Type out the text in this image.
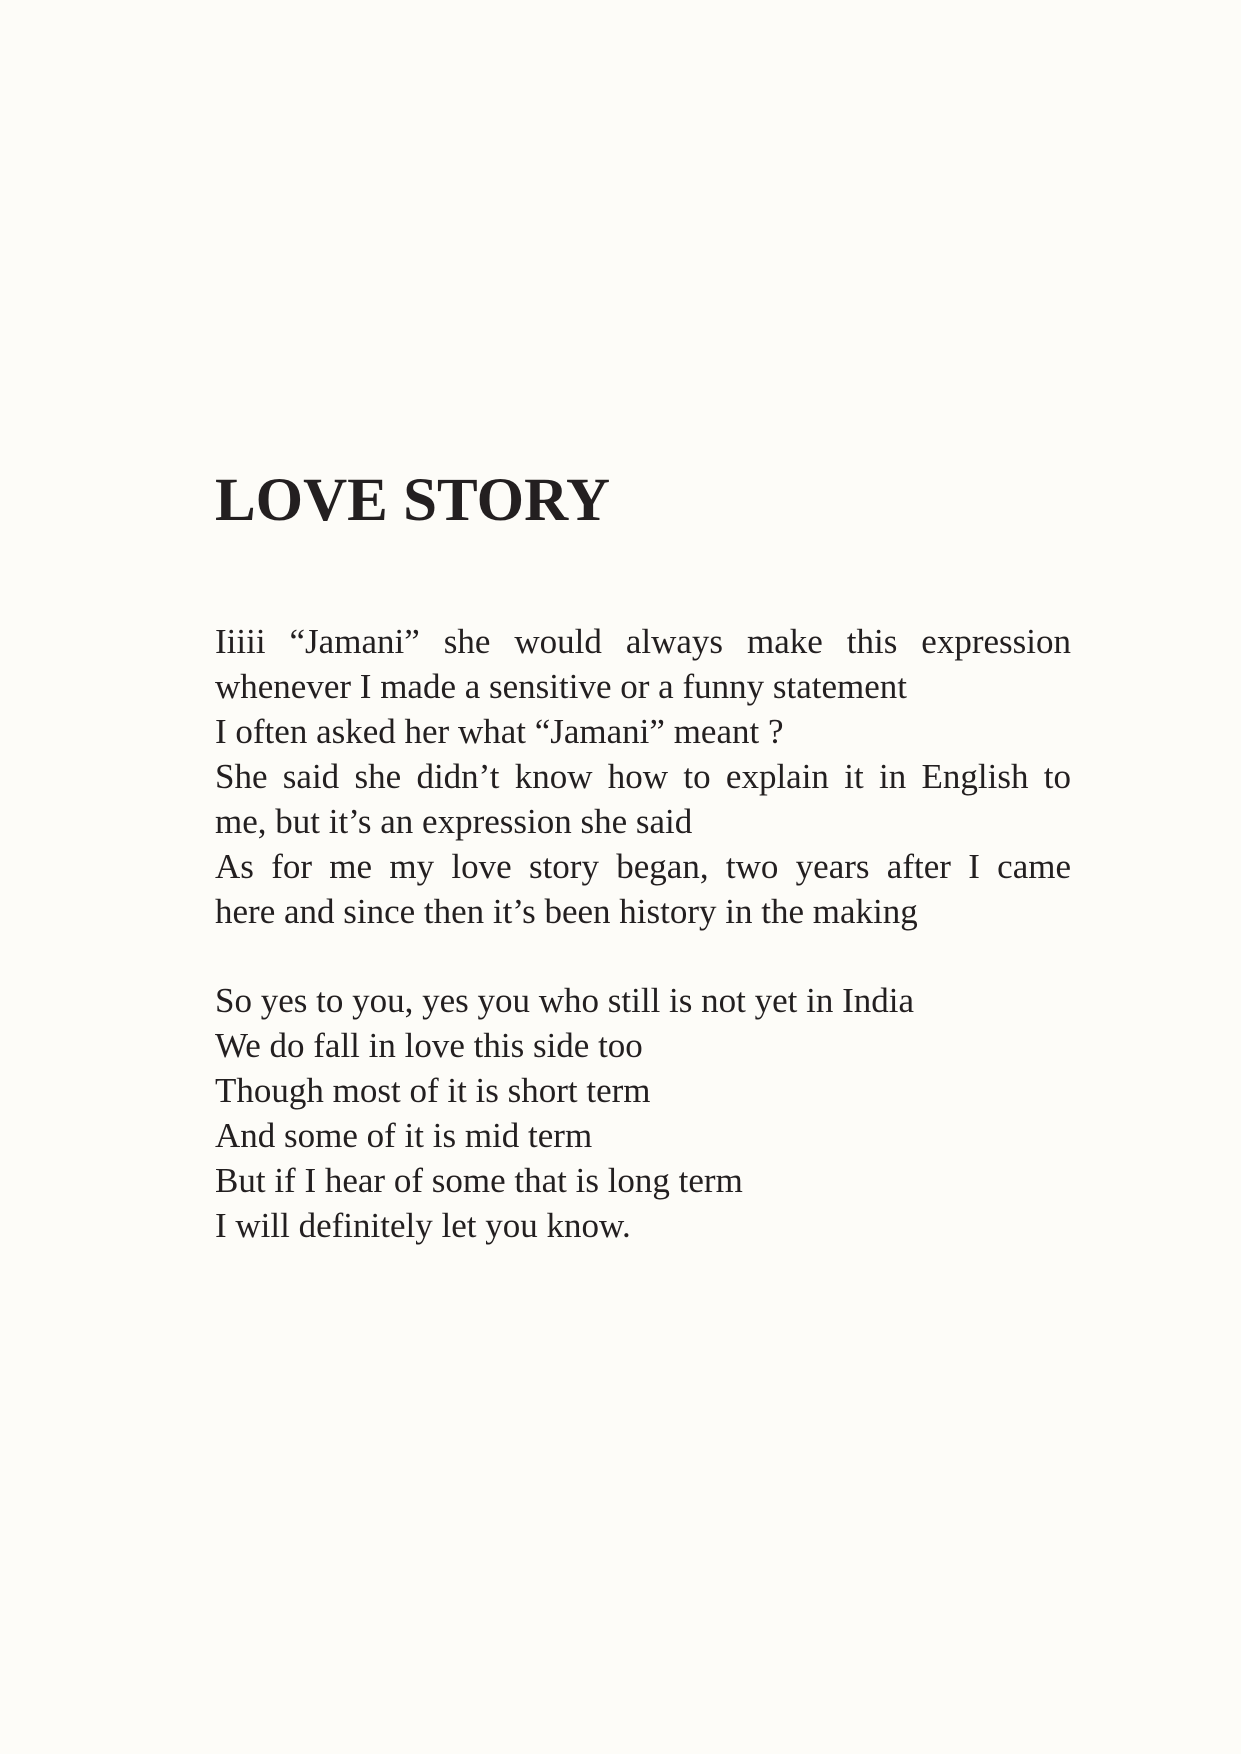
LOVE STORY
Iiiii “Jamani” she would always make this expression
whenever I made a sensitive or a funny statement
I often asked her what “Jamani” meant ?
She said she didn’t know how to explain it in English to
me, but it’s an expression she said
As for me my love story began, two years after I came
here and since then it’s been history in the making
So yes to you, yes you who still is not yet in India
We do fall in love this side too
Though most of it is short term
And some of it is mid term
But if I hear of some that is long term
I will definitely let you know.
